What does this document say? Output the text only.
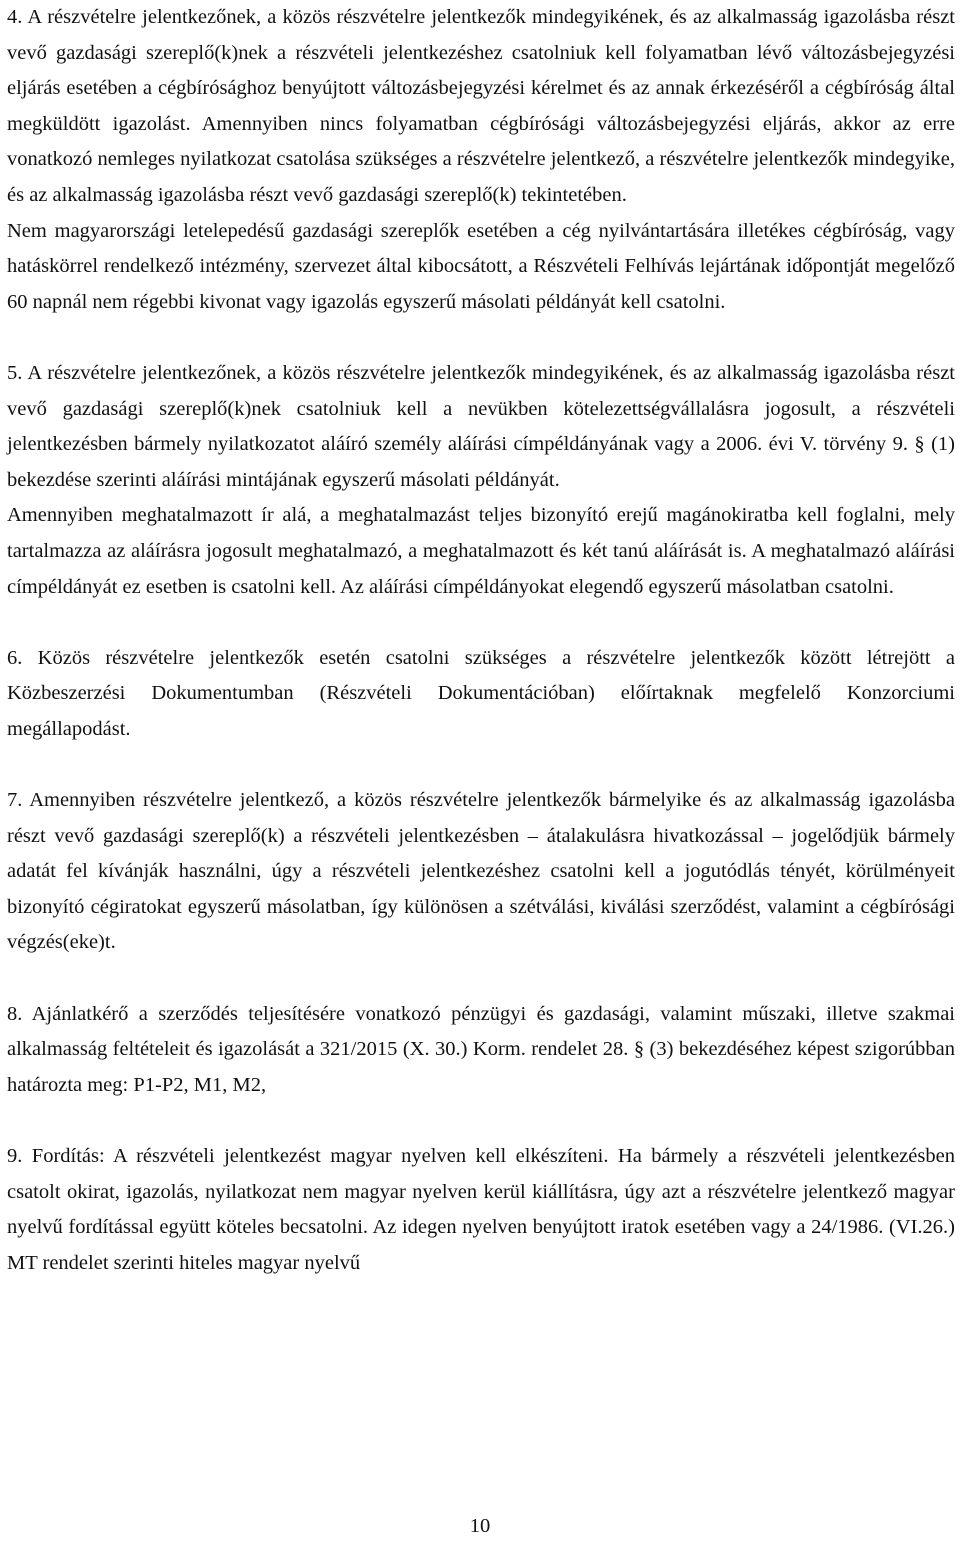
4. A részvételre jelentkezőnek, a közös részvételre jelentkezők mindegyikének, és az alkalmasság igazolásba részt vevő gazdasági szereplő(k)nek a részvételi jelentkezéshez csatolniuk kell folyamatban lévő változásbejegyzési eljárás esetében a cégbírósághoz benyújtott változásbejegyzési kérelmet és az annak érkezéséről a cégbíróság által megküldött igazolást. Amennyiben nincs folyamatban cégbírósági változásbejegyzési eljárás, akkor az erre vonatkozó nemleges nyilatkozat csatolása szükséges a részvételre jelentkező, a részvételre jelentkezők mindegyike, és az alkalmasság igazolásba részt vevő gazdasági szereplő(k) tekintetében.

Nem magyarországi letelepedésű gazdasági szereplők esetében a cég nyilvántartására illetékes cégbíróság, vagy hatáskörrel rendelkező intézmény, szervezet által kibocsátott, a Részvételi Felhívás lejártának időpontját megelőző 60 napnál nem régebbi kivonat vagy igazolás egyszerű másolati példányát kell csatolni.

5. A részvételre jelentkezőnek, a közös részvételre jelentkezők mindegyikének, és az alkalmasság igazolásba részt vevő gazdasági szereplő(k)nek csatolniuk kell a nevükben kötelezettségvállalásra jogosult, a részvételi jelentkezésben bármely nyilatkozatot aláíró személy aláírási címpéldányának vagy a 2006. évi V. törvény 9. § (1) bekezdése szerinti aláírási mintájának egyszerű másolati példányát.

Amennyiben meghatalmazott ír alá, a meghatalmazást teljes bizonyító erejű magánokiratba kell foglalni, mely tartalmazza az aláírásra jogosult meghatalmazó, a meghatalmazott és két tanú aláírását is. A meghatalmazó aláírási címpéldányát ez esetben is csatolni kell. Az aláírási címpéldányokat elegendő egyszerű másolatban csatolni.

6. Közös részvételre jelentkezők esetén csatolni szükséges a részvételre jelentkezők között létrejött a Közbeszerzési Dokumentumban (Részvételi Dokumentációban) előírtaknak megfelelő Konzorciumi megállapodást.

7. Amennyiben részvételre jelentkező, a közös részvételre jelentkezők bármelyike és az alkalmasság igazolásba részt vevő gazdasági szereplő(k) a részvételi jelentkezésben – átalakulásra hivatkozással – jogelődjük bármely adatát fel kívánják használni, úgy a részvételi jelentkezéshez csatolni kell a jogutódlás tényét, körülményeit bizonyító cégiratokat egyszerű másolatban, így különösen a szétválási, kiválási szerződést, valamint a cégbírósági végzés(eke)t.

8. Ajánlatkérő a szerződés teljesítésére vonatkozó pénzügyi és gazdasági, valamint műszaki, illetve szakmai alkalmasság feltételeit és igazolását a 321/2015 (X. 30.) Korm. rendelet 28. § (3) bekezdéséhez képest szigorúbban határozta meg: P1-P2, M1, M2,

9. Fordítás: A részvételi jelentkezést magyar nyelven kell elkészíteni. Ha bármely a részvételi jelentkezésben csatolt okirat, igazolás, nyilatkozat nem magyar nyelven kerül kiállításra, úgy azt a részvételre jelentkező magyar nyelvű fordítással együtt köteles becsatolni. Az idegen nyelven benyújtott iratok esetében vagy a 24/1986. (VI.26.) MT rendelet szerinti hiteles magyar nyelvű

10
